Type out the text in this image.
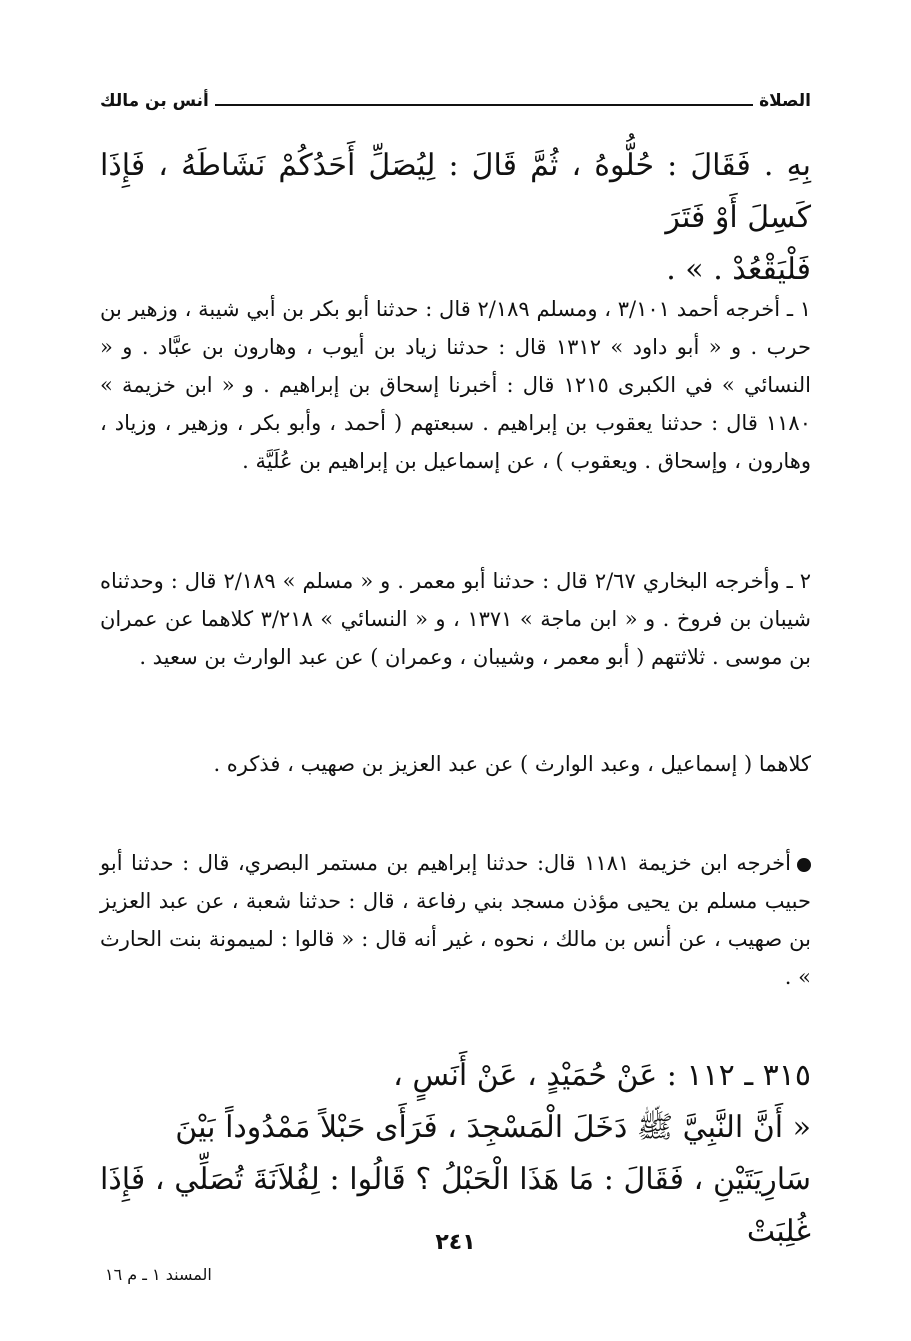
الصلاة
أنس بن مالك
بِهِ . فَقَالَ : حُلُّوهُ ، ثُمَّ قَالَ : لِيُصَلِّ أَحَدُكُمْ نَشَاطَهُ ، فَإِذَا كَسِلَ أَوْ فَتَرَ
فَلْيَقْعُدْ . » .

١ ـ أخرجه أحمد ٣/١٠١ ، ومسلم ٢/١٨٩ قال : حدثنا أبو بكر بن أبي شيبة ، وزهير بن حرب . و « أبو داود » ١٣١٢ قال : حدثنا زياد بن أيوب ، وهارون بن عبَّاد . و « النسائي » في الكبرى ١٢١٥ قال : أخبرنا إسحاق بن إبراهيم . و « ابن خزيمة » ١١٨٠ قال : حدثنا يعقوب بن إبراهيم . سبعتهم ( أحمد ، وأبو بكر ، وزهير ، وزياد ، وهارون ، وإسحاق . ويعقوب ) ، عن إسماعيل بن إبراهيم بن عُلَيَّة .

٢ ـ وأخرجه البخاري ٢/٦٧ قال : حدثنا أبو معمر . و « مسلم » ٢/١٨٩ قال : وحدثناه شيبان بن فروخ . و « ابن ماجة » ١٣٧١ ، و « النسائي » ٣/٢١٨ كلاهما عن عمران بن موسى . ثلاثتهم ( أبو معمر ، وشيبان ، وعمران ) عن عبد الوارث بن سعيد .

كلاهما ( إسماعيل ، وعبد الوارث ) عن عبد العزيز بن صهيب ، فذكره .

أخرجه ابن خزيمة ١١٨١ قال: حدثنا إبراهيم بن مستمر البصري، قال : حدثنا أبو حبيب مسلم بن يحيى مؤذن مسجد بني رفاعة ، قال : حدثنا شعبة ، عن عبد العزيز بن صهيب ، عن أنس بن مالك ، نحوه ، غير أنه قال : « قالوا : لميمونة بنت الحارث » .

٣١٥ ـ ١١٢ : عَنْ حُمَيْدٍ ، عَنْ أَنَسٍ ،
« أَنَّ النَّبِيَّ ﷺ دَخَلَ الْمَسْجِدَ ، فَرَأَى حَبْلاً مَمْدُوداً بَيْنَ
سَارِيَتَيْنِ ، فَقَالَ : مَا هَذَا الْحَبْلُ ؟ قَالُوا : لِفُلاَنَةَ تُصَلِّي ، فَإِذَا غُلِبَتْ
٢٤١
المسند ١ ـ م ١٦
